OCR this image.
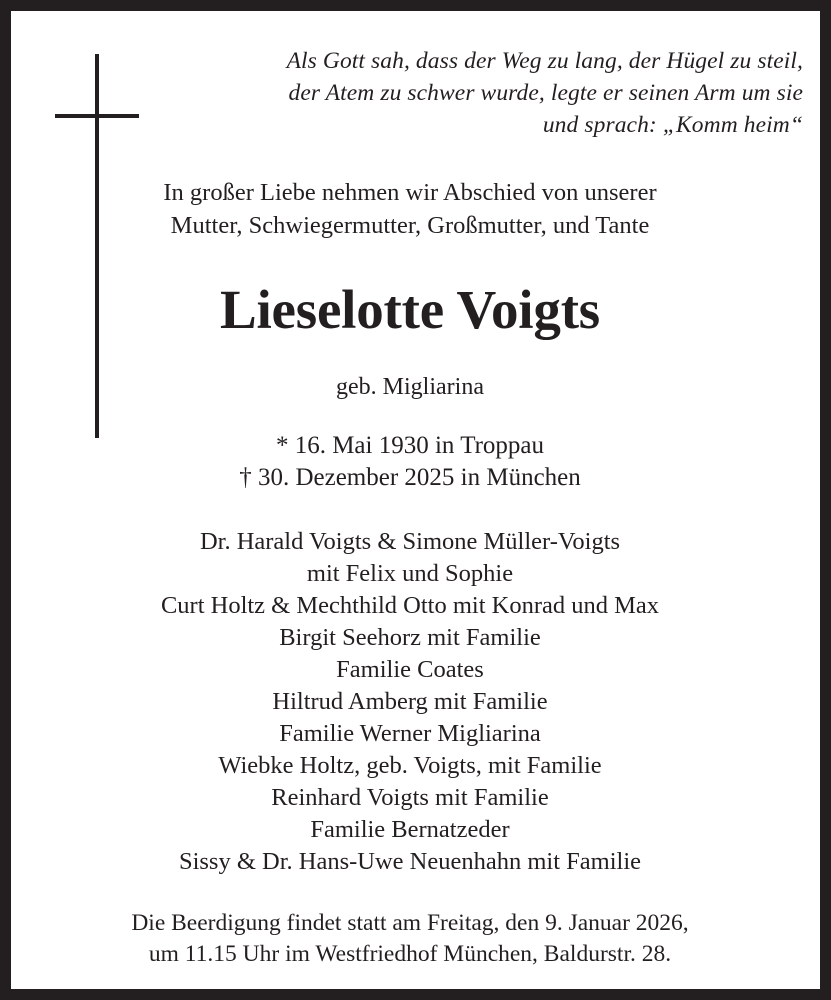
Als Gott sah, dass der Weg zu lang, der Hügel zu steil,
der Atem zu schwer wurde, legte er seinen Arm um sie
und sprach: „Komm heim“
In großer Liebe nehmen wir Abschied von unserer
Mutter, Schwiegermutter, Großmutter, und Tante
Lieselotte Voigts
geb. Migliarina
* 16. Mai 1930 in Troppau
† 30. Dezember 2025 in München
Dr. Harald Voigts & Simone Müller-Voigts
mit Felix und Sophie
Curt Holtz & Mechthild Otto mit Konrad und Max
Birgit Seehorz mit Familie
Familie Coates
Hiltrud Amberg mit Familie
Familie Werner Migliarina
Wiebke Holtz, geb. Voigts, mit Familie
Reinhard Voigts mit Familie
Familie Bernatzeder
Sissy & Dr. Hans-Uwe Neuenhahn mit Familie
Die Beerdigung findet statt am Freitag, den 9. Januar 2026,
um 11.15 Uhr im Westfriedhof München, Baldurstr. 28.
